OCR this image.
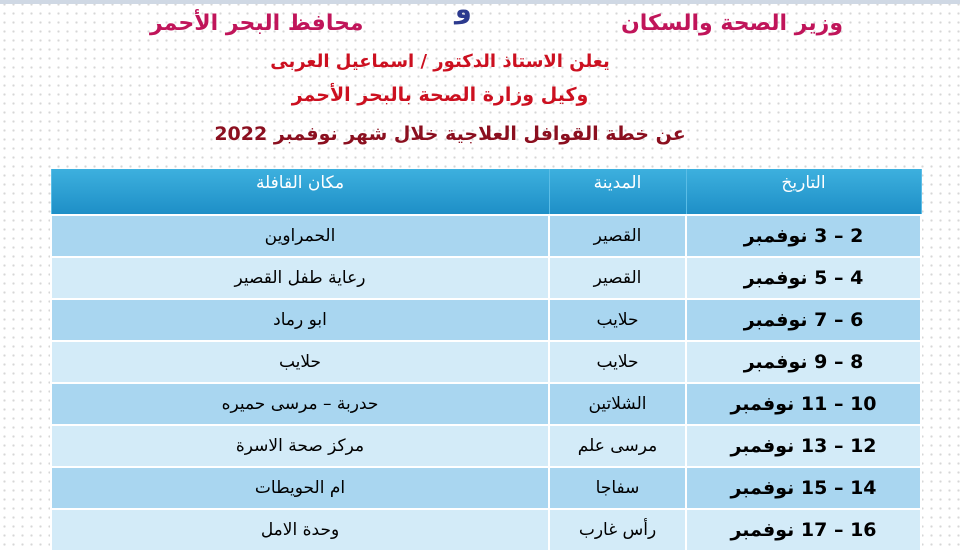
وزير الصحة والسكان
و
محافظ البحر الأحمر
يعلن الاستاذ الدكتور / اسماعيل العربى
وكيل وزارة الصحة بالبحر الأحمر
عن خطة القوافل العلاجية خلال شهر نوفمبر 2022
التاريخ	المدينة	مكان القافلة
2 – 3 نوفمبر	القصير	الحمراوين
4 – 5 نوفمبر	القصير	رعاية طفل القصير
6 – 7 نوفمبر	حلايب	ابو رماد
8 – 9 نوفمبر	حلايب	حلايب
10 – 11 نوفمبر	الشلاتين	حدربة – مرسى حميره
12 – 13 نوفمبر	مرسى علم	مركز صحة الاسرة
14 – 15 نوفمبر	سفاجا	ام الحويطات
16 – 17 نوفمبر	رأس غارب	وحدة الامل
